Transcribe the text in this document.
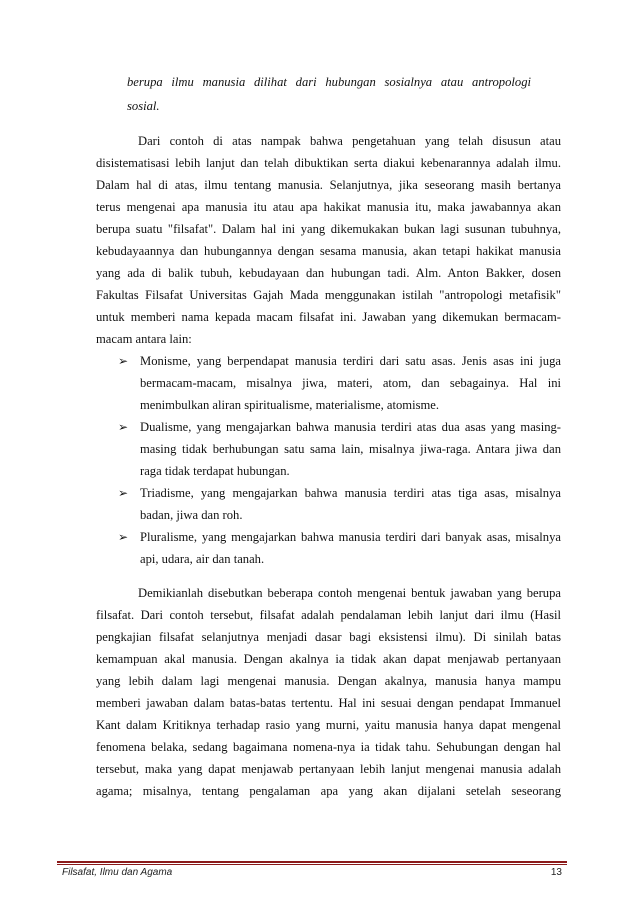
berupa ilmu manusia dilihat dari hubungan sosialnya atau antropologi
sosial.
Dari contoh di atas nampak bahwa pengetahuan yang telah disusun atau
disistematisasi lebih lanjut dan telah dibuktikan serta diakui kebenarannya adalah ilmu.
Dalam hal di atas, ilmu tentang manusia. Selanjutnya, jika seseorang masih bertanya
terus mengenai apa manusia itu atau apa hakikat manusia itu, maka jawabannya akan
berupa suatu "filsafat". Dalam hal ini yang dikemukakan bukan lagi susunan tubuhnya,
kebudayaannya dan hubungannya dengan sesama manusia, akan tetapi hakikat manusia
yang ada di balik tubuh, kebudayaan dan hubungan tadi. Alm. Anton Bakker, dosen
Fakultas Filsafat Universitas Gajah Mada menggunakan istilah "antropologi metafisik"
untuk memberi nama kepada macam filsafat ini. Jawaban yang dikemukan bermacam-
macam antara lain:
➢ Monisme, yang berpendapat manusia terdiri dari satu asas. Jenis asas ini juga
bermacam-macam, misalnya jiwa, materi, atom, dan sebagainya. Hal ini
menimbulkan aliran spiritualisme, materialisme, atomisme.
➢ Dualisme, yang mengajarkan bahwa manusia terdiri atas dua asas yang masing-
masing tidak berhubungan satu sama lain, misalnya jiwa-raga. Antara jiwa dan
raga tidak terdapat hubungan.
➢ Triadisme, yang mengajarkan bahwa manusia terdiri atas tiga asas, misalnya
badan, jiwa dan roh.
➢ Pluralisme, yang mengajarkan bahwa manusia terdiri dari banyak asas, misalnya
api, udara, air dan tanah.
Demikianlah disebutkan beberapa contoh mengenai bentuk jawaban yang berupa
filsafat. Dari contoh tersebut, filsafat adalah pendalaman lebih lanjut dari ilmu (Hasil
pengkajian filsafat selanjutnya menjadi dasar bagi eksistensi ilmu). Di sinilah batas
kemampuan akal manusia. Dengan akalnya ia tidak akan dapat menjawab pertanyaan
yang lebih dalam lagi mengenai manusia. Dengan akalnya, manusia hanya mampu
memberi jawaban dalam batas-batas tertentu. Hal ini sesuai dengan pendapat Immanuel
Kant dalam Kritiknya terhadap rasio yang murni, yaitu manusia hanya dapat mengenal
fenomena belaka, sedang bagaimana nomena-nya ia tidak tahu. Sehubungan dengan hal
tersebut, maka yang dapat menjawab pertanyaan lebih lanjut mengenai manusia adalah
agama; misalnya, tentang pengalaman apa yang akan dijalani setelah seseorang
Filsafat, Ilmu dan Agama	13
